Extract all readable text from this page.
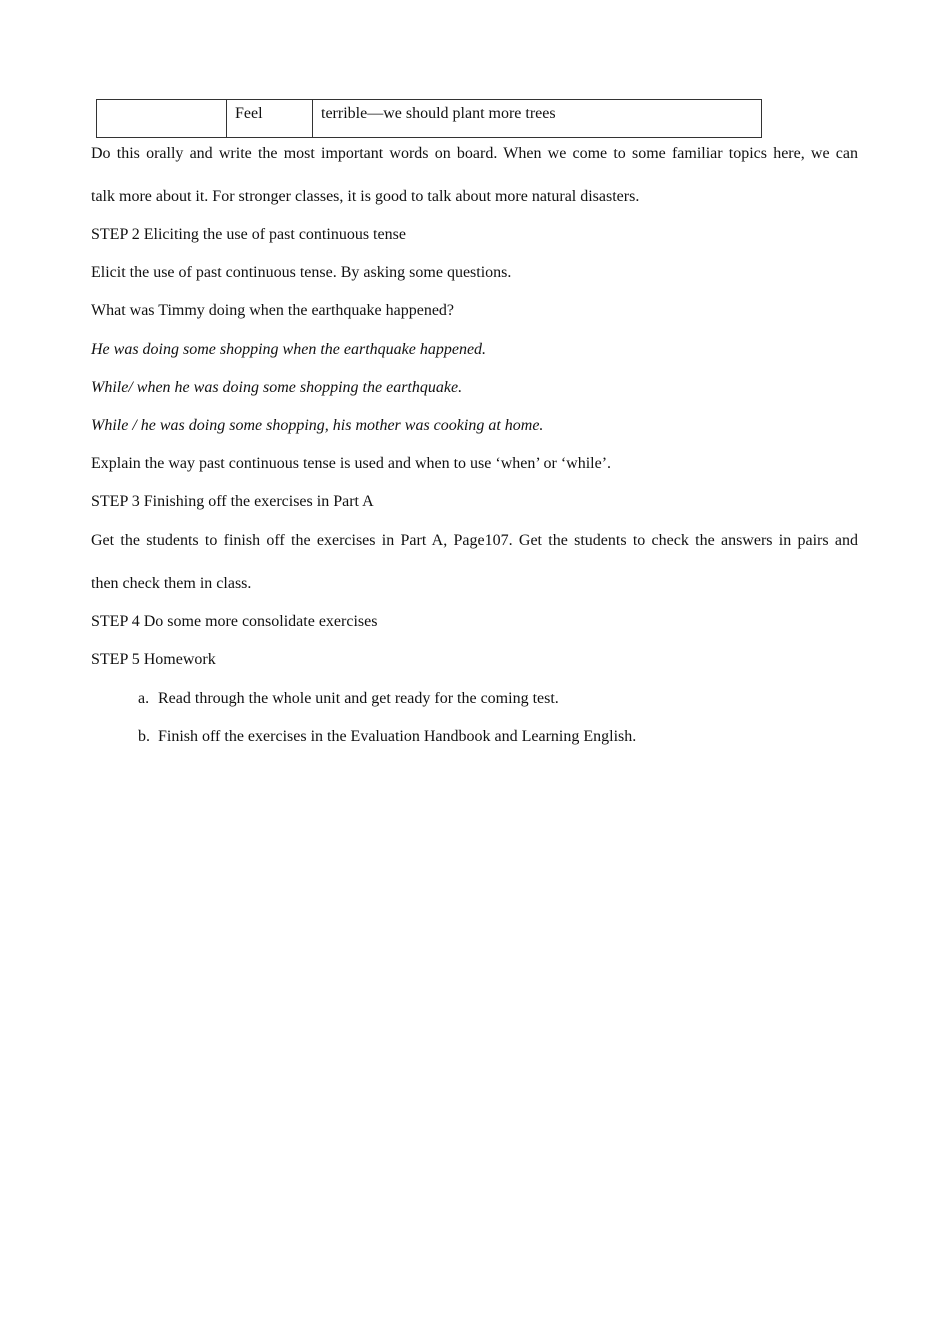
	Feel	terrible—we should plant more trees

Do this orally and write the most important words on board. When we come to some familiar topics here, we can

talk more about it. For stronger classes, it is good to talk about more natural disasters.

STEP 2 Eliciting the use of past continuous tense

Elicit the use of past continuous tense. By asking some questions.

What was Timmy doing when the earthquake happened?

He was doing some shopping when the earthquake happened.

While/ when he was doing some shopping the earthquake.

While / he was doing some shopping, his mother was cooking at home.

Explain the way past continuous tense is used and when to use ‘when’ or ‘while’.

STEP 3 Finishing off the exercises in Part A

Get the students to finish off the exercises in Part A, Page107. Get the students to check the answers in pairs and

then check them in class.

STEP 4 Do some more consolidate exercises

STEP 5 Homework

a. Read through the whole unit and get ready for the coming test.
b. Finish off the exercises in the Evaluation Handbook and Learning English.
